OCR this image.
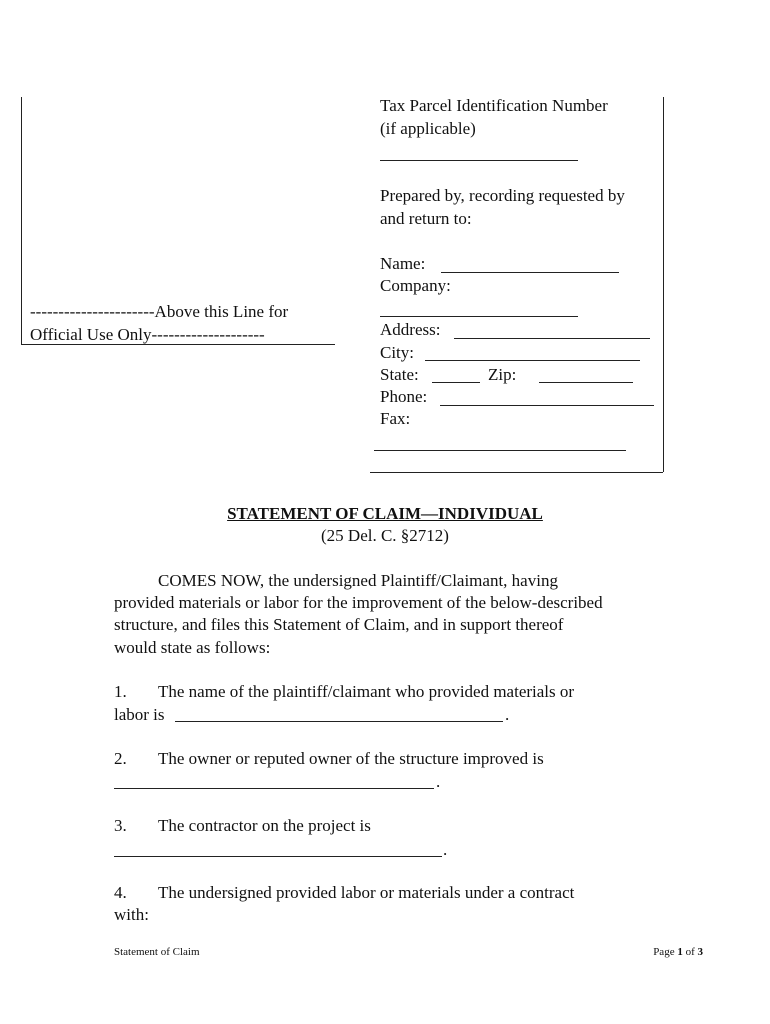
----------------------Above this Line for
Official Use Only--------------------
Tax Parcel Identification Number
(if applicable)
Prepared by, recording requested by
and return to:
Name:
Company:
Address:
City:
State:	Zip:
Phone:
Fax:
STATEMENT OF CLAIM—INDIVIDUAL
(25 Del. C. §2712)
COMES NOW, the undersigned Plaintiff/Claimant, having
provided materials or labor for the improvement of the below-described
structure, and files this Statement of Claim, and in support thereof
would state as follows:
1. The name of the plaintiff/claimant who provided materials or
labor is	.
2. The owner or reputed owner of the structure improved is
.
3. The contractor on the project is
.
4. The undersigned provided labor or materials under a contract
with:
Statement of Claim	Page 1 of 3
